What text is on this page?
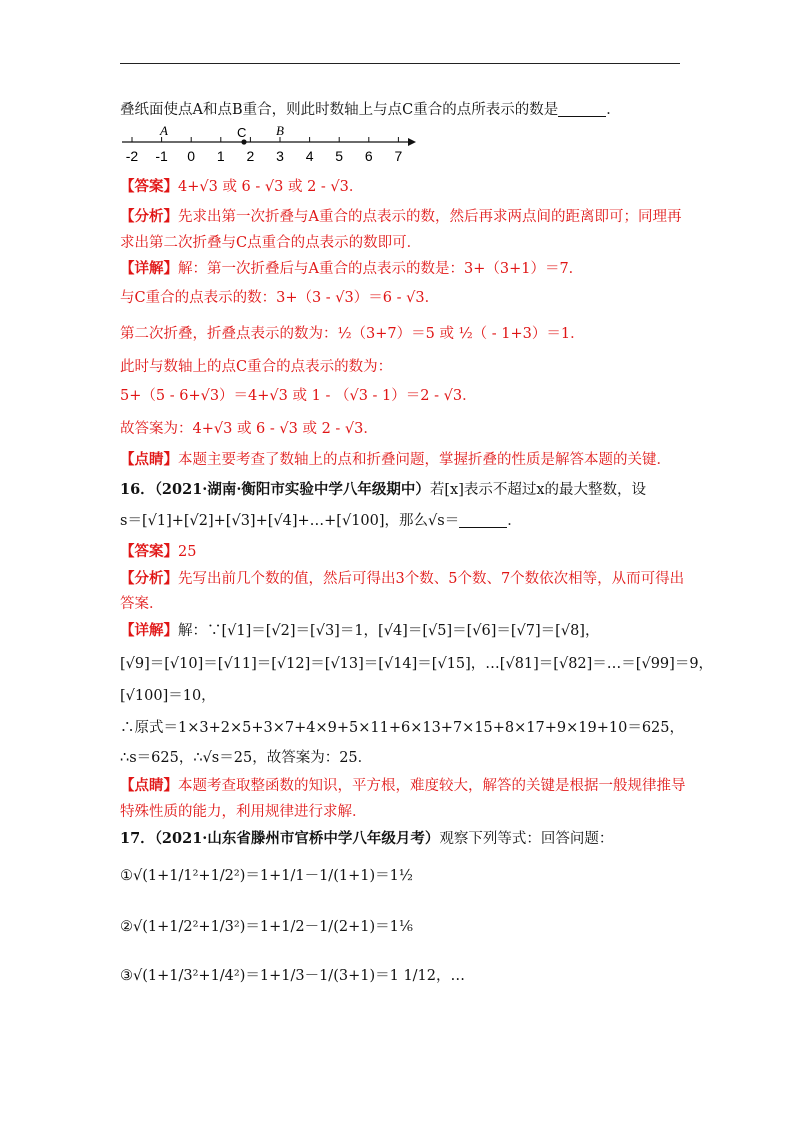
叠纸面使点A和点B重合，则此时数轴上与点C重合的点所表示的数是	．
-2 -1 0 1 2 3 4 5 6 7
A	C B
【答案】4+√3 或 6 - √3 或 2 - √3．
【分析】先求出第一次折叠与A重合的点表示的数，然后再求两点间的距离即可；同理再
求出第二次折叠与C点重合的点表示的数即可．
【详解】解：第一次折叠后与A重合的点表示的数是：3+（3+1）＝7．
与C重合的点表示的数：3+（3 - √3）＝6 - √3．
第二次折叠，折叠点表示的数为：½（3+7）＝5 或 ½（ - 1+3）＝1．
此时与数轴上的点C重合的点表示的数为：
5+（5 - 6+√3）＝4+√3 或 1 - （√3 - 1）＝2 - √3．
故答案为：4+√3 或 6 - √3 或 2 - √3．
【点睛】本题主要考查了数轴上的点和折叠问题，掌握折叠的性质是解答本题的关键．
16．（2021·湖南·衡阳市实验中学八年级期中）若[x]表示不超过x的最大整数，设
s＝[√1]+[√2]+[√3]+[√4]+…+[√100]，那么√s＝	．
【答案】25
【分析】先写出前几个数的值，然后可得出3个数、5个数、7个数依次相等，从而可得出
答案．
【详解】解：∵[√1]＝[√2]＝[√3]＝1，[√4]＝[√5]＝[√6]＝[√7]＝[√8]，
[√9]＝[√10]＝[√11]＝[√12]＝[√13]＝[√14]＝[√15]，…[√81]＝[√82]＝…＝[√99]＝9，
[√100]＝10，
∴原式＝1×3+2×5+3×7+4×9+5×11+6×13+7×15+8×17+9×19+10＝625，
∴s＝625，∴√s＝25，故答案为：25．
【点睛】本题考查取整函数的知识，平方根，难度较大，解答的关键是根据一般规律推导
特殊性质的能力，利用规律进行求解．
17．（2021·山东省滕州市官桥中学八年级月考）观察下列等式：回答问题：
①√(1+1/1²+1/2²)＝1+1/1－1/(1+1)＝1½
②√(1+1/2²+1/3²)＝1+1/2－1/(2+1)＝1⅙
③√(1+1/3²+1/4²)＝1+1/3－1/(3+1)＝1 1/12，…
